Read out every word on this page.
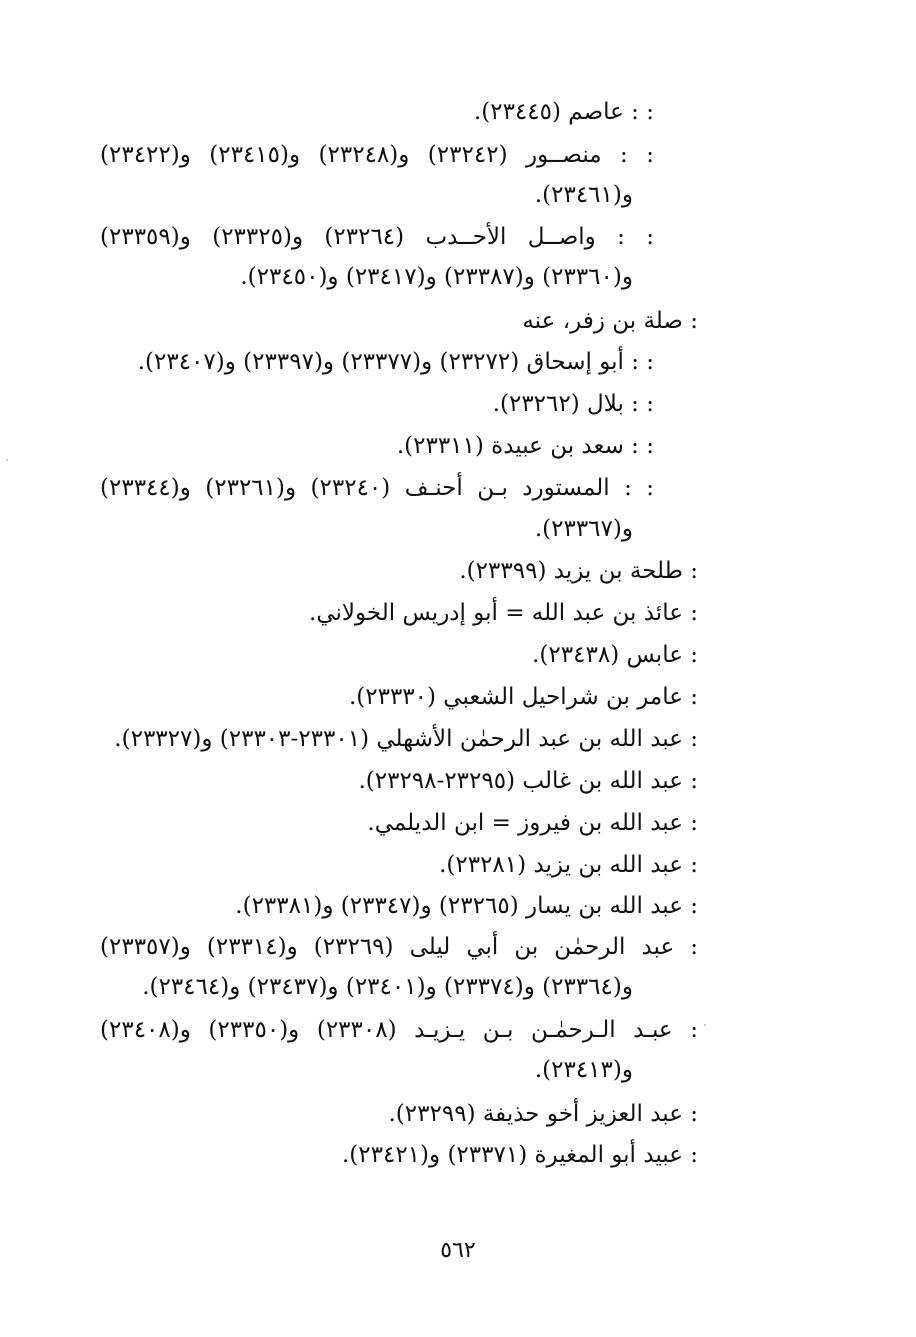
: : عاصم (٢٣٤٤٥).
: : منصــور (٢٣٢٤٢) و(٢٣٢٤٨) و(٢٣٤١٥) و(٢٣٤٢٢)
و(٢٣٤٦١).
: : واصــل الأحــدب (٢٣٢٦٤) و(٢٣٣٢٥) و(٢٣٣٥٩)
و(٢٣٣٦٠) و(٢٣٣٨٧) و(٢٣٤١٧) و(٢٣٤٥٠).
: صلة بن زفر، عنه
: : أبو إسحاق (٢٣٢٧٢) و(٢٣٣٧٧) و(٢٣٣٩٧) و(٢٣٤٠٧).
: : بلال (٢٣٢٦٢).
: : سعد بن عبيدة (٢٣٣١١).
: : المستورد بـن أحنـف (٢٣٢٤٠) و(٢٣٢٦١) و(٢٣٣٤٤)
و(٢٣٣٦٧).
: طلحة بن يزيد (٢٣٣٩٩).
: عائذ بن عبد الله = أبو إدريس الخولاني.
: عابس (٢٣٤٣٨).
: عامر بن شراحيل الشعبي (٢٣٣٣٠).
: عبد الله بن عبد الرحمٰن الأشهلي (٢٣٣٠١-٢٣٣٠٣) و(٢٣٣٢٧).
: عبد الله بن غالب (٢٣٢٩٥-٢٣٢٩٨).
: عبد الله بن فيروز = ابن الديلمي.
: عبد الله بن يزيد (٢٣٢٨١).
: عبد الله بن يسار (٢٣٢٦٥) و(٢٣٣٤٧) و(٢٣٣٨١).
: عبد الرحمٰن بن أبي ليلى (٢٣٢٦٩) و(٢٣٣١٤) و(٢٣٣٥٧)
و(٢٣٣٦٤) و(٢٣٣٧٤) و(٢٣٤٠١) و(٢٣٤٣٧) و(٢٣٤٦٤).
: عبـد الـرحمٰـن بـن يـزيـد (٢٣٣٠٨) و(٢٣٣٥٠) و(٢٣٤٠٨)
و(٢٣٤١٣).
: عبد العزيز أخو حذيفة (٢٣٢٩٩).
: عبيد أبو المغيرة (٢٣٣٧١) و(٢٣٤٢١).
٥٦٢
